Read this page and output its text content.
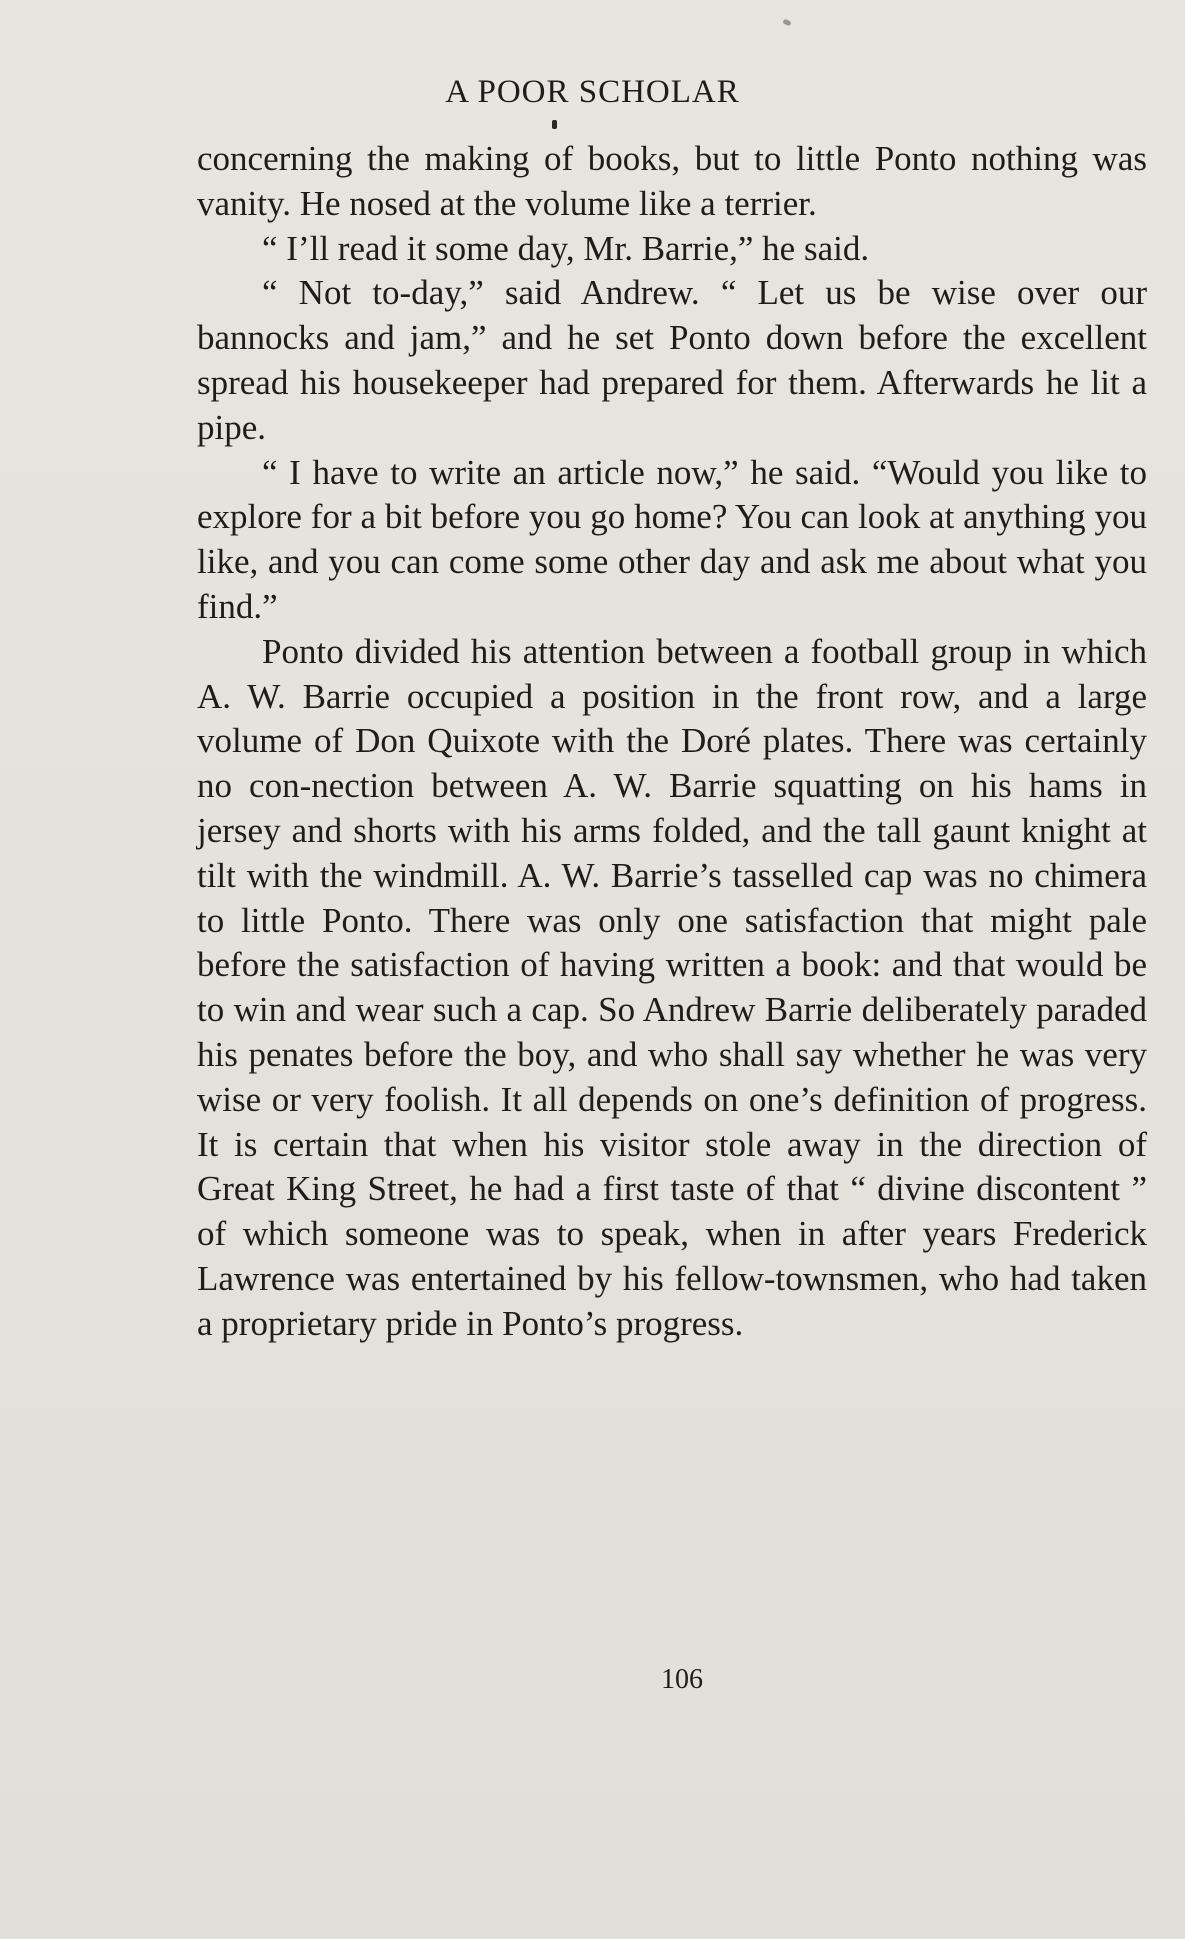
A POOR SCHOLAR

concerning the making of books, but to little Ponto nothing was vanity. He nosed at the volume like a terrier.

“ I’ll read it some day, Mr. Barrie,” he said.

“ Not to-day,” said Andrew. “ Let us be wise over our bannocks and jam,” and he set Ponto down before the excellent spread his housekeeper had prepared for them. Afterwards he lit a pipe.

“ I have to write an article now,” he said. “Would you like to explore for a bit before you go home? You can look at anything you like, and you can come some other day and ask me about what you find.”

Ponto divided his attention between a football group in which A. W. Barrie occupied a position in the front row, and a large volume of Don Quixote with the Doré plates. There was certainly no con-nection between A. W. Barrie squatting on his hams in jersey and shorts with his arms folded, and the tall gaunt knight at tilt with the windmill. A. W. Barrie’s tasselled cap was no chimera to little Ponto. There was only one satisfaction that might pale before the satisfaction of having written a book: and that would be to win and wear such a cap. So Andrew Barrie deliberately paraded his penates before the boy, and who shall say whether he was very wise or very foolish. It all depends on one’s definition of progress. It is certain that when his visitor stole away in the direction of Great King Street, he had a first taste of that “ divine discontent ” of which someone was to speak, when in after years Frederick Lawrence was entertained by his fellow-townsmen, who had taken a proprietary pride in Ponto’s progress.

106
